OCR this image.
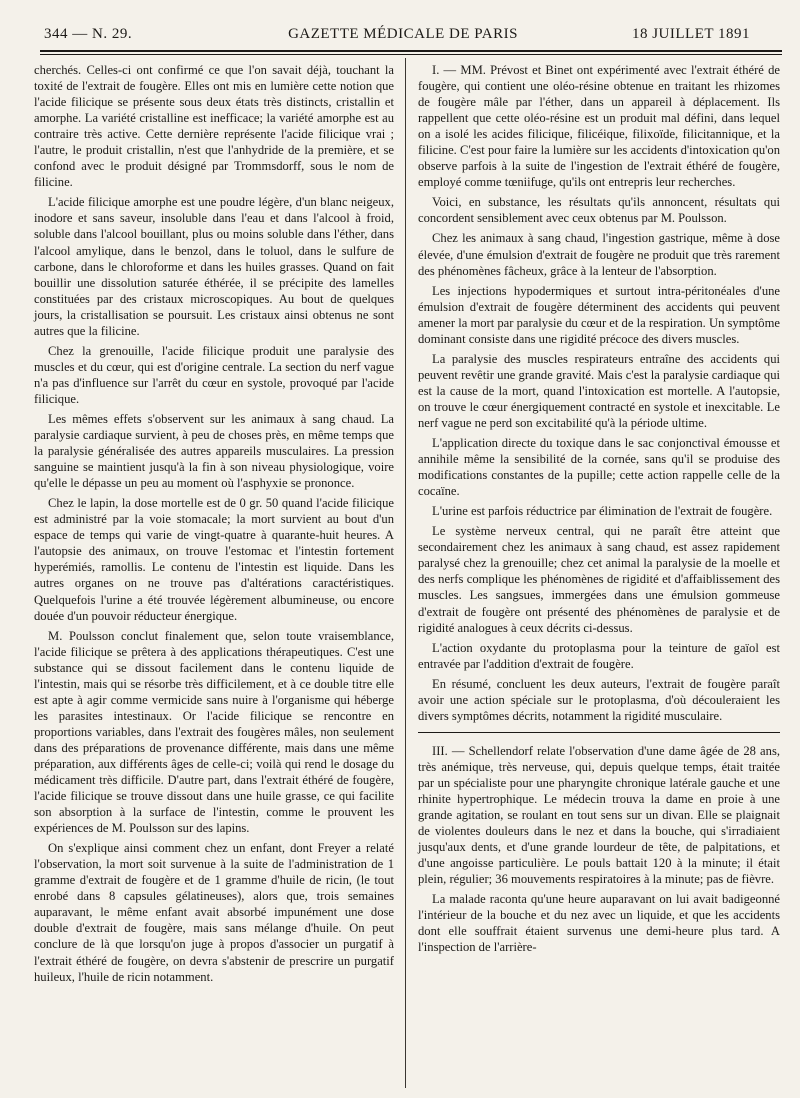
344 — N. 29.	GAZETTE MÉDICALE DE PARIS	18 JUILLET 1891

cherchés. Celles-ci ont confirmé ce que l'on savait déjà, touchant la toxité de l'extrait de fougère. Elles ont mis en lumière cette notion que l'acide filicique se présente sous deux états très distincts, cristallin et amorphe. La variété cristalline est inefficace; la variété amorphe est au contraire très active. Cette dernière représente l'acide filicique vrai ; l'autre, le produit cristallin, n'est que l'anhydride de la première, et se confond avec le produit désigné par Trommsdorff, sous le nom de filicine.

L'acide filicique amorphe est une poudre légère, d'un blanc neigeux, inodore et sans saveur, insoluble dans l'eau et dans l'alcool à froid, soluble dans l'alcool bouillant, plus ou moins soluble dans l'éther, dans l'alcool amylique, dans le benzol, dans le toluol, dans le sulfure de carbone, dans le chloroforme et dans les huiles grasses. Quand on fait bouillir une dissolution saturée éthérée, il se précipite des lamelles constituées par des cristaux microscopiques. Au bout de quelques jours, la cristallisation se poursuit. Les cristaux ainsi obtenus ne sont autres que la filicine.

Chez la grenouille, l'acide filicique produit une paralysie des muscles et du cœur, qui est d'origine centrale. La section du nerf vague n'a pas d'influence sur l'arrêt du cœur en systole, provoqué par l'acide filicique.

Les mêmes effets s'observent sur les animaux à sang chaud. La paralysie cardiaque survient, à peu de choses près, en même temps que la paralysie généralisée des autres appareils musculaires. La pression sanguine se maintient jusqu'à la fin à son niveau physiologique, voire qu'elle le dépasse un peu au moment où l'asphyxie se prononce.

Chez le lapin, la dose mortelle est de 0 gr. 50 quand l'acide filicique est administré par la voie stomacale; la mort survient au bout d'un espace de temps qui varie de vingt-quatre à quarante-huit heures. A l'autopsie des animaux, on trouve l'estomac et l'intestin fortement hyperémiés, ramollis. Le contenu de l'intestin est liquide. Dans les autres organes on ne trouve pas d'altérations caractéristiques. Quelquefois l'urine a été trouvée légèrement albumineuse, ou encore douée d'un pouvoir réducteur énergique.

M. Poulsson conclut finalement que, selon toute vraisemblance, l'acide filicique se prêtera à des applications thérapeutiques. C'est une substance qui se dissout facilement dans le contenu liquide de l'intestin, mais qui se résorbe très difficilement, et à ce double titre elle est apte à agir comme vermicide sans nuire à l'organisme qui héberge les parasites intestinaux. Or l'acide filicique se rencontre en proportions variables, dans l'extrait des fougères mâles, non seulement dans des préparations de provenance différente, mais dans une même préparation, aux différents âges de celle-ci; voilà qui rend le dosage du médicament très difficile. D'autre part, dans l'extrait éthéré de fougère, l'acide filicique se trouve dissout dans une huile grasse, ce qui facilite son absorption à la surface de l'intestin, comme le prouvent les expériences de M. Poulsson sur des lapins.

On s'explique ainsi comment chez un enfant, dont Freyer a relaté l'observation, la mort soit survenue à la suite de l'administration de 1 gramme d'extrait de fougère et de 1 gramme d'huile de ricin, (le tout enrobé dans 8 capsules gélatineuses), alors que, trois semaines auparavant, le même enfant avait absorbé impunément une dose double d'extrait de fougère, mais sans mélange d'huile. On peut conclure de là que lorsqu'on juge à propos d'associer un purgatif à l'extrait éthéré de fougère, on devra s'abstenir de prescrire un purgatif huileux, l'huile de ricin notamment.

I. — MM. Prévost et Binet ont expérimenté avec l'extrait éthéré de fougère, qui contient une oléo-résine obtenue en traitant les rhizomes de fougère mâle par l'éther, dans un appareil à déplacement. Ils rappellent que cette oléo-résine est un produit mal défini, dans lequel on a isolé les acides filicique, filicéique, filixoïde, filicitannique, et la filicine. C'est pour faire la lumière sur les accidents d'intoxication qu'on observe parfois à la suite de l'ingestion de l'extrait éthéré de fougère, employé comme tœniifuge, qu'ils ont entrepris leur recherches.

Voici, en substance, les résultats qu'ils annoncent, résultats qui concordent sensiblement avec ceux obtenus par M. Poulsson.

Chez les animaux à sang chaud, l'ingestion gastrique, même à dose élevée, d'une émulsion d'extrait de fougère ne produit que très rarement des phénomènes fâcheux, grâce à la lenteur de l'absorption.

Les injections hypodermiques et surtout intra-péritonéales d'une émulsion d'extrait de fougère déterminent des accidents qui peuvent amener la mort par paralysie du cœur et de la respiration. Un symptôme dominant consiste dans une rigidité précoce des divers muscles.

La paralysie des muscles respirateurs entraîne des accidents qui peuvent revêtir une grande gravité. Mais c'est la paralysie cardiaque qui est la cause de la mort, quand l'intoxication est mortelle. A l'autopsie, on trouve le cœur énergiquement contracté en systole et inexcitable. Le nerf vague ne perd son excitabilité qu'à la période ultime.

L'application directe du toxique dans le sac conjonctival émousse et annihile même la sensibilité de la cornée, sans qu'il se produise des modifications constantes de la pupille; cette action rappelle celle de la cocaïne.

L'urine est parfois réductrice par élimination de l'extrait de fougère.

Le système nerveux central, qui ne paraît être atteint que secondairement chez les animaux à sang chaud, est assez rapidement paralysé chez la grenouille; chez cet animal la paralysie de la moelle et des nerfs complique les phénomènes de rigidité et d'affaiblissement des muscles. Les sangsues, immergées dans une émulsion gommeuse d'extrait de fougère ont présenté des phénomènes de paralysie et de rigidité analogues à ceux décrits ci-dessus.

L'action oxydante du protoplasma pour la teinture de gaïol est entravée par l'addition d'extrait de fougère.

En résumé, concluent les deux auteurs, l'extrait de fougère paraît avoir une action spéciale sur le protoplasma, d'où découleraient les divers symptômes décrits, notamment la rigidité musculaire.

III. — Schellendorf relate l'observation d'une dame âgée de 28 ans, très anémique, très nerveuse, qui, depuis quelque temps, était traitée par un spécialiste pour une pharyngite chronique latérale gauche et une rhinite hypertrophique. Le médecin trouva la dame en proie à une grande agitation, se roulant en tout sens sur un divan. Elle se plaignait de violentes douleurs dans le nez et dans la bouche, qui s'irradiaient jusqu'aux dents, et d'une grande lourdeur de tête, de palpitations, et d'une angoisse particulière. Le pouls battait 120 à la minute; il était plein, régulier; 36 mouvements respiratoires à la minute; pas de fièvre.

La malade raconta qu'une heure auparavant on lui avait badigeonné l'intérieur de la bouche et du nez avec un liquide, et que les accidents dont elle souffrait étaient survenus une demi-heure plus tard. A l'inspection de l'arrière-
